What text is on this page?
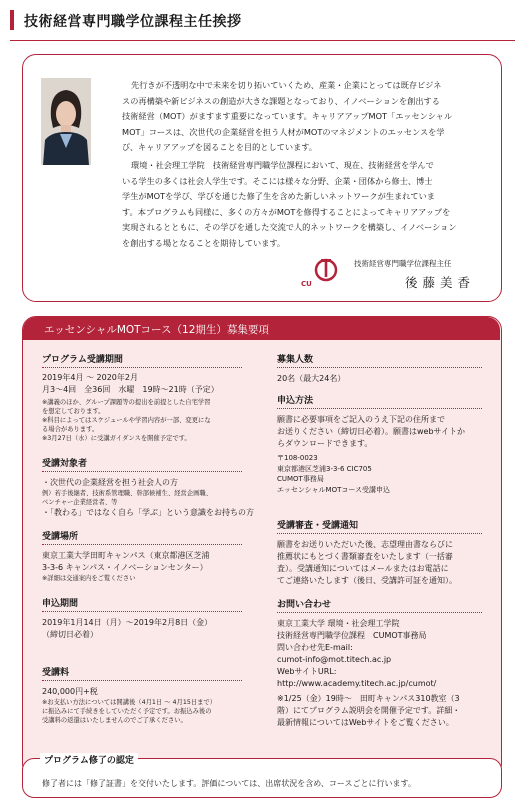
技術経営専門職学位課程主任挨拶
先行きが不透明な中で未来を切り拓いていくため、産業・企業にとっては既存ビジネ
スの再構築や新ビジネスの創造が大きな課題となっており、イノベーションを創出する
技術経営（MOT）がますます重要になっています。キャリアアップMOT「エッセンシャル
MOT」コースは、次世代の企業経営を担う人材がMOTのマネジメントのエッセンスを学
び、キャリアアップを図ることを目的としています。
環境・社会理工学院　技術経営専門職学位課程において、現在、技術経営を学んで
いる学生の多くは社会人学生です。そこには様々な分野、企業・団体から修士、博士
学生がMOTを学び、学びを通じた修了生を含めた新しいネットワークが生まれていま
す。本プログラムも同様に、多くの方々がMOTを修得することによってキャリアアップを
実現されるとともに、その学びを通した交流で人的ネットワークを構築し、イノベーション
を創出する場となることを期待しています。
CU
技術経営専門職学位課程主任
後藤美香
エッセンシャルMOTコース（12期生）募集要項
プログラム受講期間
2019年4月 ～ 2020年2月
月3～4回　全36回　水曜　19時～21時（予定）
※講義のほか、グループ課題等の提出を前提とした自宅学習
を想定しております。
※科目によってはスケジュールや学習内容が一部、変更にな
る場合があります。
※3月27日（水）に受講ガイダンスを開催予定です。
受講対象者
・次世代の企業経営を担う社会人の方
例）若手後継者、技術系管理職、幹部候補生、経営企画職、
ベンチャー企業経営者、等
・「教わる」ではなく自ら「学ぶ」という意識をお持ちの方
受講場所
東京工業大学田町キャンパス（東京都港区芝浦
3-3-6 キャンパス・イノベーションセンター）
※詳細は交通案内をご覧ください
申込期間
2019年1月14日（月）～2019年2月8日（金）
（締切日必着）
受講料
240,000円+税
※お支払い方法については開講後（4月1日 ～ 4月15日まで）
に振込みにて手続きをしていただく予定です。お振込み後の
受講料の返還はいたしませんのでご了承ください。
募集人数
20名（最大24名）
申込方法
願書に必要事項をご記入のうえ下記の住所まで
お送りください（締切日必着）。願書はwebサイトか
らダウンロードできます。
〒108-0023
東京都港区芝浦3-3-6 CIC705
CUMOT事務局
エッセンシャルMOTコース受講申込
受講審査・受講通知
願書をお送りいただいた後、志望理由書ならびに
推薦状にもとづく書類審査をいたします（一括審
査）。受講通知についてはメールまたはお電話に
てご連絡いたします（後日、受講許可証を通知）。
お問い合わせ
東京工業大学 環境・社会理工学院
技術経営専門職学位課程　CUMOT事務局
問い合わせ先E-mail:
cumot-info@mot.titech.ac.jp
WebサイトURL:
http://www.academy.titech.ac.jp/cumot/
※1/25（金）19時～　田町キャンパス310教室（3
階）にてプログラム説明会を開催予定です。詳細・
最新情報についてはWebサイトをご覧ください。
プログラム修了の認定
修了者には「修了証書」を交付いたします。評価については、出席状況を含め、コースごとに行います。
